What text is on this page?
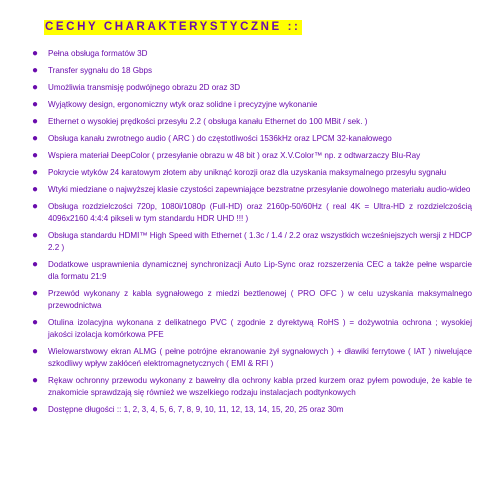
CECHY CHARAKTERYSTYCZNE ::
● Pełna obsługa formatów 3D
● Transfer sygnału do 18 Gbps
● Umożliwia transmisję podwójnego obrazu 2D oraz 3D
● Wyjątkowy design, ergonomiczny wtyk oraz solidne i precyzyjne wykonanie
● Ethernet o wysokiej prędkości przesyłu 2.2 ( obsługa kanału Ethernet do 100 MBit / sek. )
● Obsługa kanału zwrotnego audio ( ARC ) do częstotliwości 1536kHz oraz LPCM 32-kanałowego
● Wspiera materiał DeepColor ( przesyłanie obrazu w 48 bit ) oraz X.V.Color™ np. z odtwarzaczy Blu-Ray
● Pokrycie wtyków 24 karatowym złotem aby uniknąć korozji oraz dla uzyskania maksymalnego przesyłu sygnału
● Wtyki miedziane o najwyższej klasie czystości zapewniające bezstratne przesyłanie dowolnego materiału audio-wideo
● Obsługa rozdzielczości 720p, 1080i/1080p (Full-HD) oraz 2160p-50/60Hz ( real 4K = Ultra-HD z rozdzielczością 4096x2160 4:4:4 pikseli w tym standardu HDR UHD !!! )
● Obsługa standardu HDMI™ High Speed with Ethernet ( 1.3c / 1.4 / 2.2 oraz wszystkich wcześniejszych wersji z HDCP 2.2 )
● Dodatkowe usprawnienia dynamicznej synchronizacji Auto Lip-Sync oraz rozszerzenia CEC a także pełne wsparcie dla formatu 21:9
● Przewód wykonany z kabla sygnałowego z miedzi beztlenowej ( PRO OFC ) w celu uzyskania maksymalnego przewodnictwa
● Otulina izolacyjna wykonana z delikatnego PVC ( zgodnie z dyrektywą RoHS ) = dożywotnia ochrona ; wysokiej jakości izolacja komórkowa PFE
● Wielowarstwowy ekran ALMG ( pełne potrójne ekranowanie żył sygnałowych ) + dławiki ferrytowe ( IAT ) niwelujące szkodliwy wpływ zakłóceń elektromagnetycznych ( EMI & RFI )
● Rękaw ochronny przewodu wykonany z bawełny dla ochrony kabla przed kurzem oraz pyłem powoduje, że kable te znakomicie sprawdzają się również we wszelkiego rodzaju instalacjach podtynkowych
● Dostępne długości :: 1, 2, 3, 4, 5, 6, 7, 8, 9, 10, 11, 12, 13, 14, 15, 20, 25 oraz 30m
